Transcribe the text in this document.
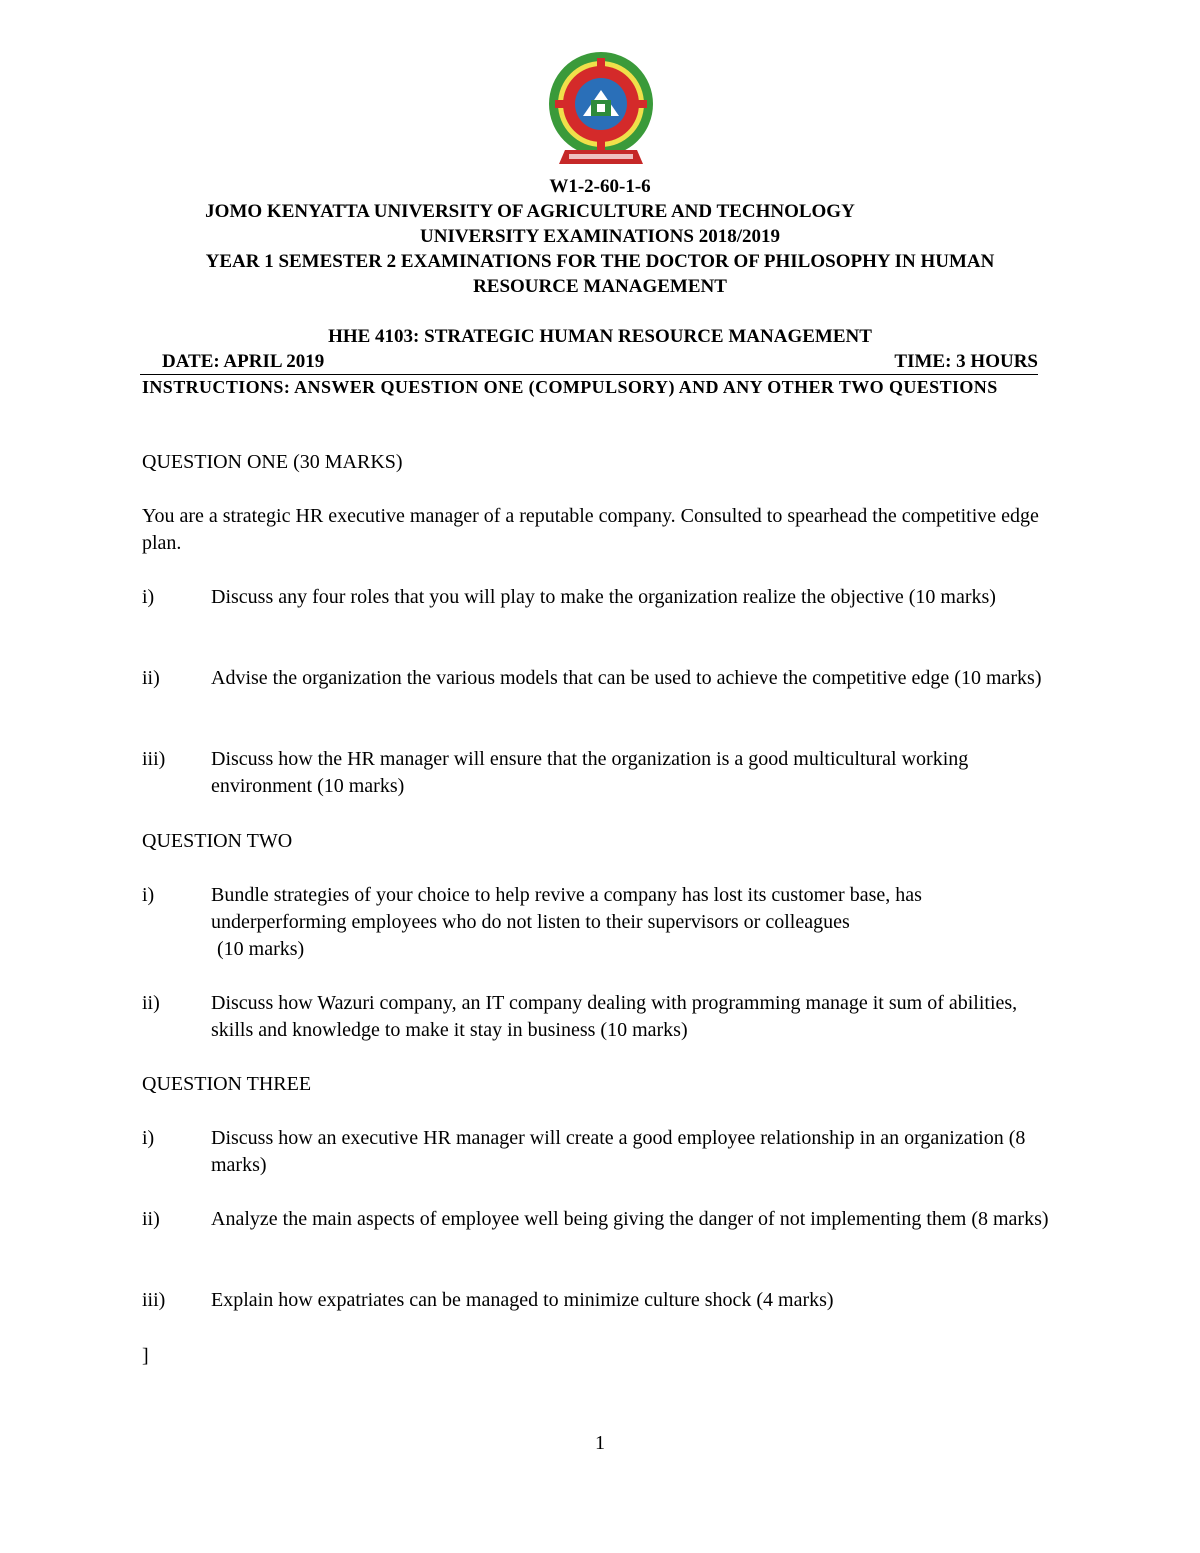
W1-2-60-1-6
JOMO KENYATTA UNIVERSITY OF AGRICULTURE AND TECHNOLOGY
UNIVERSITY EXAMINATIONS 2018/2019
YEAR 1 SEMESTER 2 EXAMINATIONS FOR THE DOCTOR OF PHILOSOPHY IN HUMAN
RESOURCE MANAGEMENT
HHE 4103: STRATEGIC HUMAN RESOURCE MANAGEMENT
DATE: APRIL 2019	TIME: 3 HOURS
INSTRUCTIONS: ANSWER QUESTION ONE (COMPULSORY) AND ANY OTHER TWO QUESTIONS
QUESTION ONE (30 MARKS)
You are a strategic HR executive manager of a reputable company. Consulted to spearhead the competitive edge plan.
i)	Discuss any four roles that you will play to make the organization realize the objective (10 marks)
ii)	Advise the organization the various models that can be used to achieve the competitive edge (10 marks)
iii) Discuss how the HR manager will ensure that the organization is a good multicultural working environment (10 marks)
QUESTION TWO
i)	Bundle strategies of your choice to help revive a company has lost its customer base, has underperforming employees who do not listen to their supervisors or colleagues
(10 marks)
ii)	Discuss how Wazuri company, an IT company dealing with programming manage it sum of abilities, skills and knowledge to make it stay in business (10 marks)
QUESTION THREE
i)	Discuss how an executive HR manager will create a good employee relationship in an organization (8 marks)
ii)	Analyze the main aspects of employee well being giving the danger of not implementing them (8 marks)
iii) Explain how expatriates can be managed to minimize culture shock (4 marks)
]
1
